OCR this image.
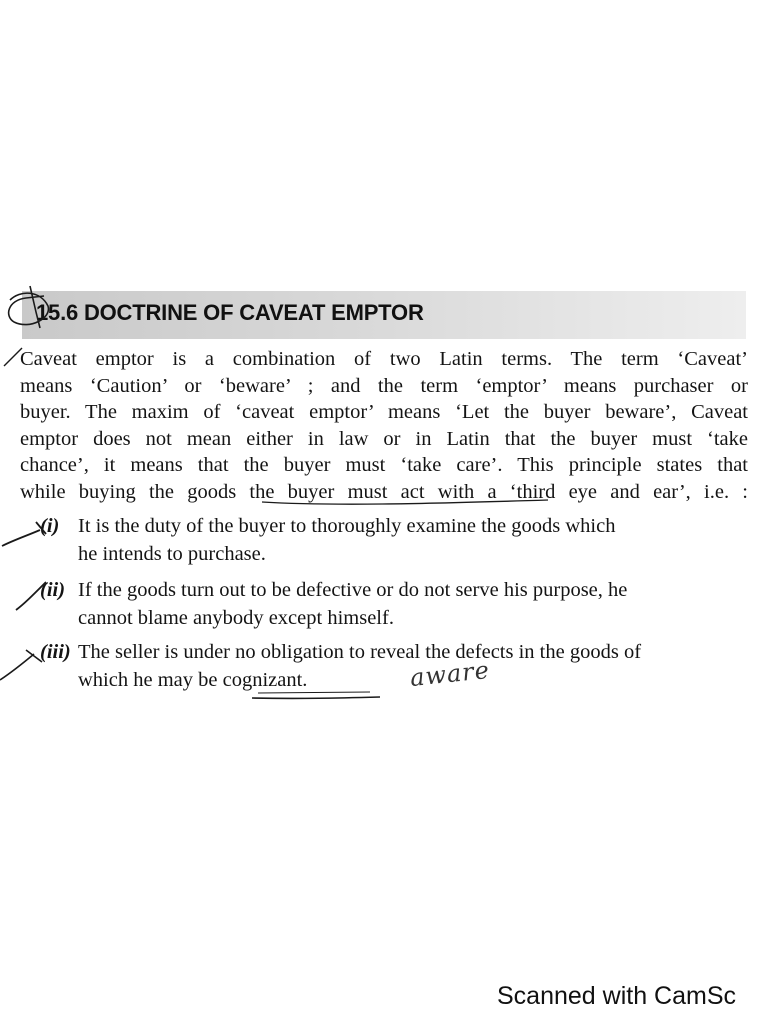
15.6 DOCTRINE OF CAVEAT EMPTOR
Caveat emptor is a combination of two Latin terms. The term ‘Caveat’
means ‘Caution’ or ‘beware’ ; and the term ‘emptor’ means purchaser or
buyer. The maxim of ‘caveat emptor’ means ‘Let the buyer beware’, Caveat
emptor does not mean either in law or in Latin that the buyer must ‘take
chance’, it means that the buyer must ‘take care’. This principle states that
while buying the goods the buyer must act with a ‘third eye and ear’, i.e. :
(i) It is the duty of the buyer to thoroughly examine the goods which
he intends to purchase.
(ii) If the goods turn out to be defective or do not serve his purpose, he
cannot blame anybody except himself.
(iii) The seller is under no obligation to reveal the defects in the goods of
which he may be cognizant.	aware
Scanned with CamSc
